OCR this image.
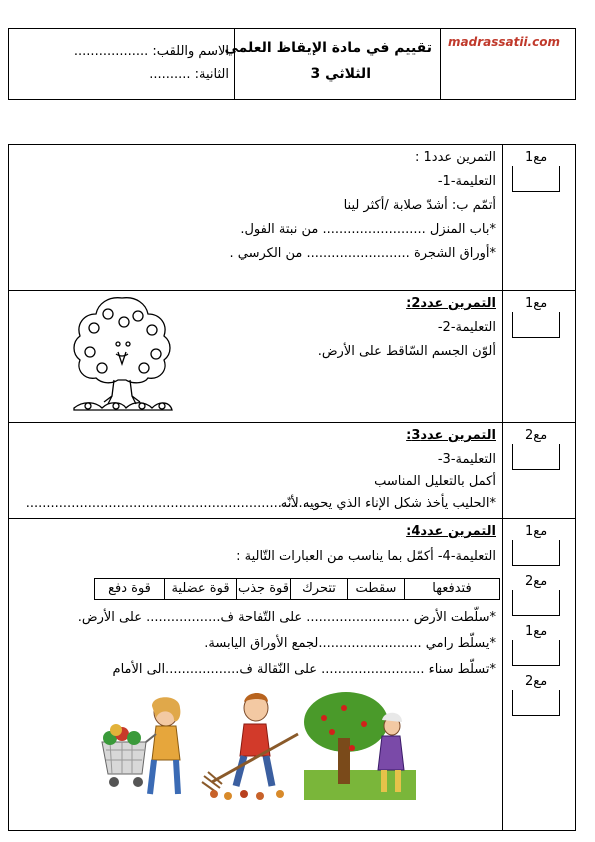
madrassatii.com
تقييم في مادة الإيقاظ العلمي
الثلاثي 3
الاسم واللقب: ..................
الثانية: ..........
التمرين عدد1 :
التعليمة-1-
أتمّم ب: أشدّ صلابة /أكثر لينا
*باب المنزل ......................... من نبتة الفول.
*أوراق الشجرة ......................... من الكرسي .
مع1
التمرين عدد2:
التعليمة-2-
ألوّن الجسم السّاقط على الأرض.
مع1
التمرين عدد3:
التعليمة-3-
أكمل بالتعليل المناسب
*الحليب يأخذ شكل الإناء الذي يحويه لأنّه
......................................................................
مع2
التمرين عدد4:
التعليمة-4- أكمّل بما يناسب من العبارات التّالية :
فتدفعها
سقطت
تتحرك
قوة جذب
قوة عضلية
قوة دفع
*سلّطت الأرض ......................... على التّفاحة ف.................. على الأرض.
*يسلّط رامي .........................لجمع الأوراق اليابسة.
*تسلّط سناء ......................... على النّقالة ف..................الى الأمام
مع1
مع2
مع1
مع2
